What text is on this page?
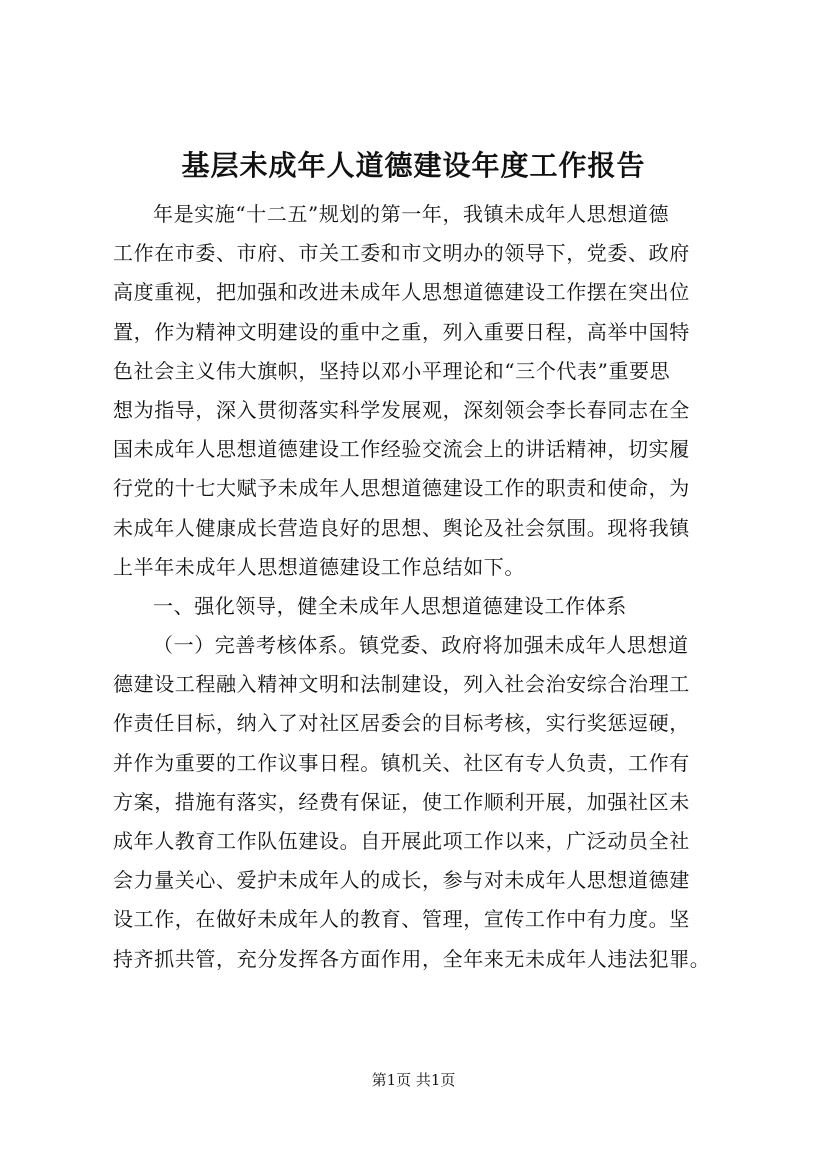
基层未成年人道德建设年度工作报告
年是实施“十二五”规划的第一年，我镇未成年人思想道德
工作在市委、市府、市关工委和市文明办的领导下，党委、政府
高度重视，把加强和改进未成年人思想道德建设工作摆在突出位
置，作为精神文明建设的重中之重，列入重要日程，高举中国特
色社会主义伟大旗帜，坚持以邓小平理论和“三个代表”重要思
想为指导，深入贯彻落实科学发展观，深刻领会李长春同志在全
国未成年人思想道德建设工作经验交流会上的讲话精神，切实履
行党的十七大赋予未成年人思想道德建设工作的职责和使命，为
未成年人健康成长营造良好的思想、舆论及社会氛围。现将我镇
上半年未成年人思想道德建设工作总结如下。
一、强化领导，健全未成年人思想道德建设工作体系
（一）完善考核体系。镇党委、政府将加强未成年人思想道
德建设工程融入精神文明和法制建设，列入社会治安综合治理工
作责任目标，纳入了对社区居委会的目标考核，实行奖惩逗硬，
并作为重要的工作议事日程。镇机关、社区有专人负责，工作有
方案，措施有落实，经费有保证，使工作顺利开展，加强社区未
成年人教育工作队伍建设。自开展此项工作以来，广泛动员全社
会力量关心、爱护未成年人的成长，参与对未成年人思想道德建
设工作，在做好未成年人的教育、管理，宣传工作中有力度。坚
持齐抓共管，充分发挥各方面作用，全年来无未成年人违法犯罪。
第1页 共1页
